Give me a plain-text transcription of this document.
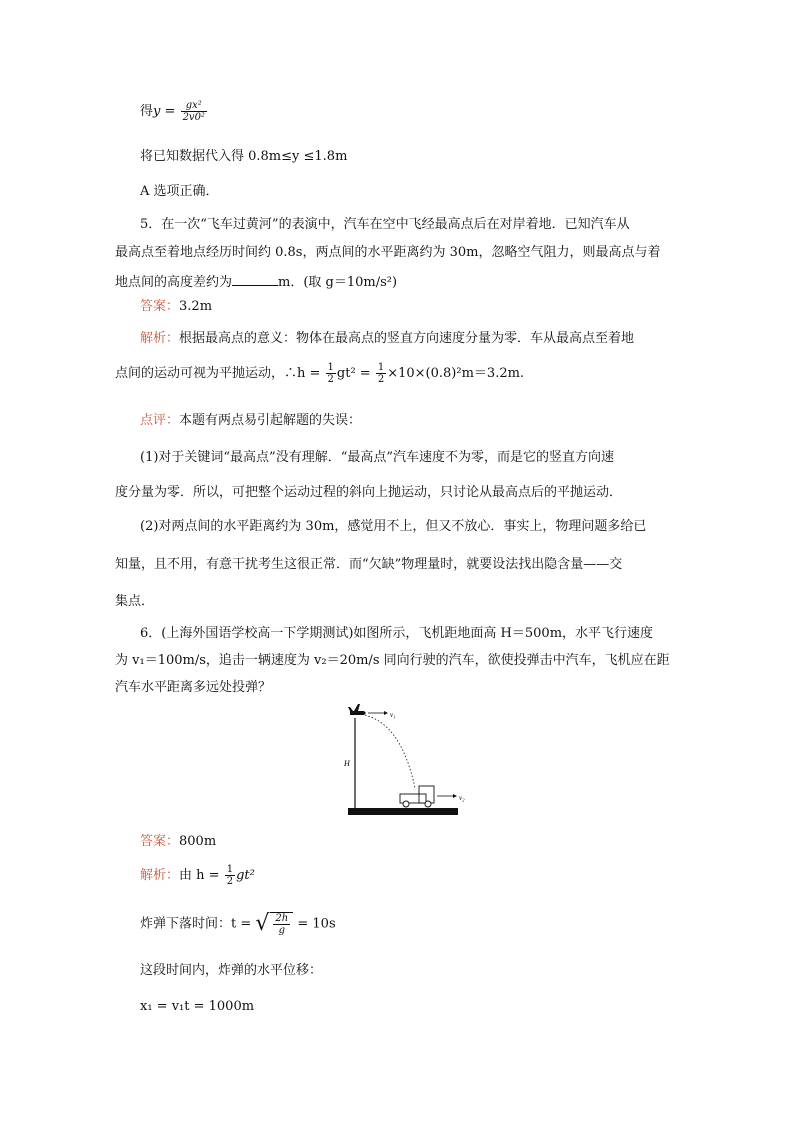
得$y = \frac{\text{gx²}}{\text{2v0²}}$
将已知数据代入得 0.8m≤y ≤1.8m
A 选项正确．
5．在一次“飞车过黄河”的表演中，汽车在空中飞经最高点后在对岸着地．已知汽车从
最高点至着地点经历时间约 0.8s，两点间的水平距离约为 30m，忽略空气阻力，则最高点与着
地点间的高度差约为	m．(取 g＝10m/s²)
答案：3.2m
解析：根据最高点的意义：物体在最高点的竖直方向速度分量为零．车从最高点至着地
点间的运动可视为平抛运动，∴h = $\frac{1}{2} gt^2 = \frac{1}{2} \times 10\times(0.8)^2m=3.2m$.
点评：本题有两点易引起解题的失误：
(1)对于关键词“最高点”没有理解．“最高点”汽车速度不为零，而是它的竖直方向速
度分量为零．所以，可把整个运动过程的斜向上抛运动，只讨论从最高点后的平抛运动．
(2)对两点间的水平距离约为 30m，感觉用不上，但又不放心．事实上，物理问题多给已
知量，且不用，有意干扰考生这很正常．而“欠缺”物理量时，就要设法找出隐含量——交
集点．
6．(上海外国语学校高一下学期测试)如图所示，飞机距地面高 H＝500m，水平飞行速度
为 v₁＝100m/s，追击一辆速度为 v₂＝20m/s 同向行驶的汽车，欲使投弹击中汽车，飞机应在距
汽车水平距离多远处投弹？
v₁
H
v₂
答案：800m
解析：由 $h = \frac{1}{2} gt^2$
炸弹下落时间：t = √ $\frac{2h}{g} = 10s$
这段时间内，炸弹的水平位移：
x₁ = v₁t = 1000m
